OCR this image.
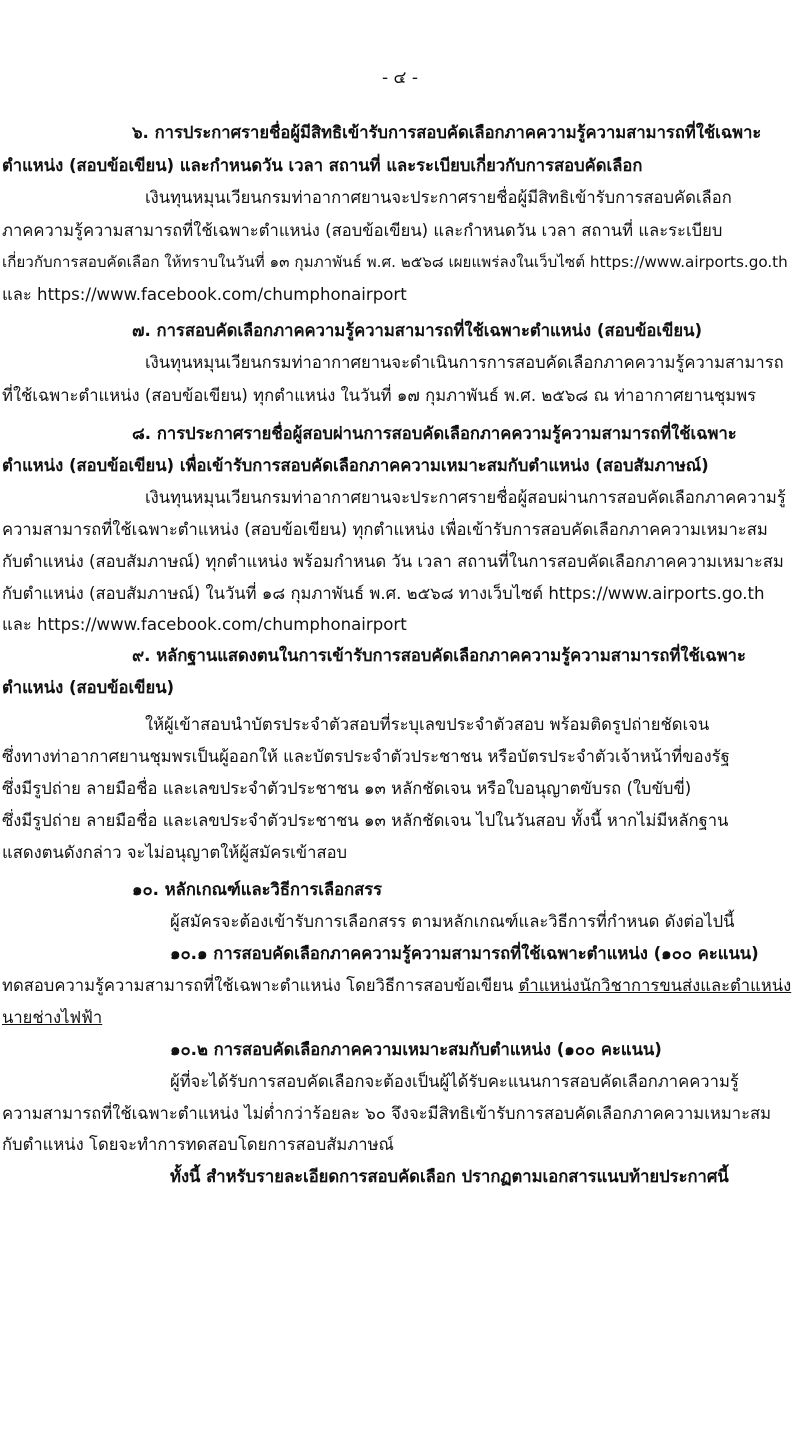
- ๔ -
๖. การประกาศรายชื่อผู้มีสิทธิเข้ารับการสอบคัดเลือกภาคความรู้ความสามารถที่ใช้เฉพาะ
ตำแหน่ง (สอบข้อเขียน) และกำหนดวัน เวลา สถานที่ และระเบียบเกี่ยวกับการสอบคัดเลือก
เงินทุนหมุนเวียนกรมท่าอากาศยานจะประกาศรายชื่อผู้มีสิทธิเข้ารับการสอบคัดเลือก
ภาคความรู้ความสามารถที่ใช้เฉพาะตำแหน่ง (สอบข้อเขียน) และกำหนดวัน เวลา สถานที่ และระเบียบ
เกี่ยวกับการสอบคัดเลือก ให้ทราบในวันที่ ๑๓ กุมภาพันธ์ พ.ศ. ๒๕๖๘ เผยแพร่ลงในเว็บไซต์ https://www.airports.go.th
และ https://www.facebook.com/chumphonairport
๗. การสอบคัดเลือกภาคความรู้ความสามารถที่ใช้เฉพาะตำแหน่ง (สอบข้อเขียน)
เงินทุนหมุนเวียนกรมท่าอากาศยานจะดำเนินการการสอบคัดเลือกภาคความรู้ความสามารถ
ที่ใช้เฉพาะตำแหน่ง (สอบข้อเขียน) ทุกตำแหน่ง ในวันที่ ๑๗ กุมภาพันธ์ พ.ศ. ๒๕๖๘ ณ ท่าอากาศยานชุมพร
๘. การประกาศรายชื่อผู้สอบผ่านการสอบคัดเลือกภาคความรู้ความสามารถที่ใช้เฉพาะ
ตำแหน่ง (สอบข้อเขียน) เพื่อเข้ารับการสอบคัดเลือกภาคความเหมาะสมกับตำแหน่ง (สอบสัมภาษณ์)
เงินทุนหมุนเวียนกรมท่าอากาศยานจะประกาศรายชื่อผู้สอบผ่านการสอบคัดเลือกภาคความรู้
ความสามารถที่ใช้เฉพาะตำแหน่ง (สอบข้อเขียน) ทุกตำแหน่ง เพื่อเข้ารับการสอบคัดเลือกภาคความเหมาะสม
กับตำแหน่ง (สอบสัมภาษณ์) ทุกตำแหน่ง พร้อมกำหนด วัน เวลา สถานที่ในการสอบคัดเลือกภาคความเหมาะสม
กับตำแหน่ง (สอบสัมภาษณ์) ในวันที่ ๑๘ กุมภาพันธ์ พ.ศ. ๒๕๖๘ ทางเว็บไซต์ https://www.airports.go.th
และ https://www.facebook.com/chumphonairport
๙. หลักฐานแสดงตนในการเข้ารับการสอบคัดเลือกภาคความรู้ความสามารถที่ใช้เฉพาะ
ตำแหน่ง (สอบข้อเขียน)
ให้ผู้เข้าสอบนำบัตรประจำตัวสอบที่ระบุเลขประจำตัวสอบ พร้อมติดรูปถ่ายชัดเจน
ซึ่งทางท่าอากาศยานชุมพรเป็นผู้ออกให้ และบัตรประจำตัวประชาชน หรือบัตรประจำตัวเจ้าหน้าที่ของรัฐ
ซึ่งมีรูปถ่าย ลายมือชื่อ และเลขประจำตัวประชาชน ๑๓ หลักชัดเจน หรือใบอนุญาตขับรถ (ใบขับขี่)
ซึ่งมีรูปถ่าย ลายมือชื่อ และเลขประจำตัวประชาชน ๑๓ หลักชัดเจน ไปในวันสอบ ทั้งนี้ หากไม่มีหลักฐาน
แสดงตนดังกล่าว จะไม่อนุญาตให้ผู้สมัครเข้าสอบ
๑๐. หลักเกณฑ์และวิธีการเลือกสรร
ผู้สมัครจะต้องเข้ารับการเลือกสรร ตามหลักเกณฑ์และวิธีการที่กำหนด ดังต่อไปนี้
๑๐.๑ การสอบคัดเลือกภาคความรู้ความสามารถที่ใช้เฉพาะตำแหน่ง (๑๐๐ คะแนน)
ทดสอบความรู้ความสามารถที่ใช้เฉพาะตำแหน่ง โดยวิธีการสอบข้อเขียน ตำแหน่งนักวิชาการขนส่งและตำแหน่ง
นายช่างไฟฟ้า
๑๐.๒ การสอบคัดเลือกภาคความเหมาะสมกับตำแหน่ง (๑๐๐ คะแนน)
ผู้ที่จะได้รับการสอบคัดเลือกจะต้องเป็นผู้ได้รับคะแนนการสอบคัดเลือกภาคความรู้
ความสามารถที่ใช้เฉพาะตำแหน่ง ไม่ต่ำกว่าร้อยละ ๖๐ จึงจะมีสิทธิเข้ารับการสอบคัดเลือกภาคความเหมาะสม
กับตำแหน่ง โดยจะทำการทดสอบโดยการสอบสัมภาษณ์
ทั้งนี้ สำหรับรายละเอียดการสอบคัดเลือก ปรากฏตามเอกสารแนบท้ายประกาศนี้
